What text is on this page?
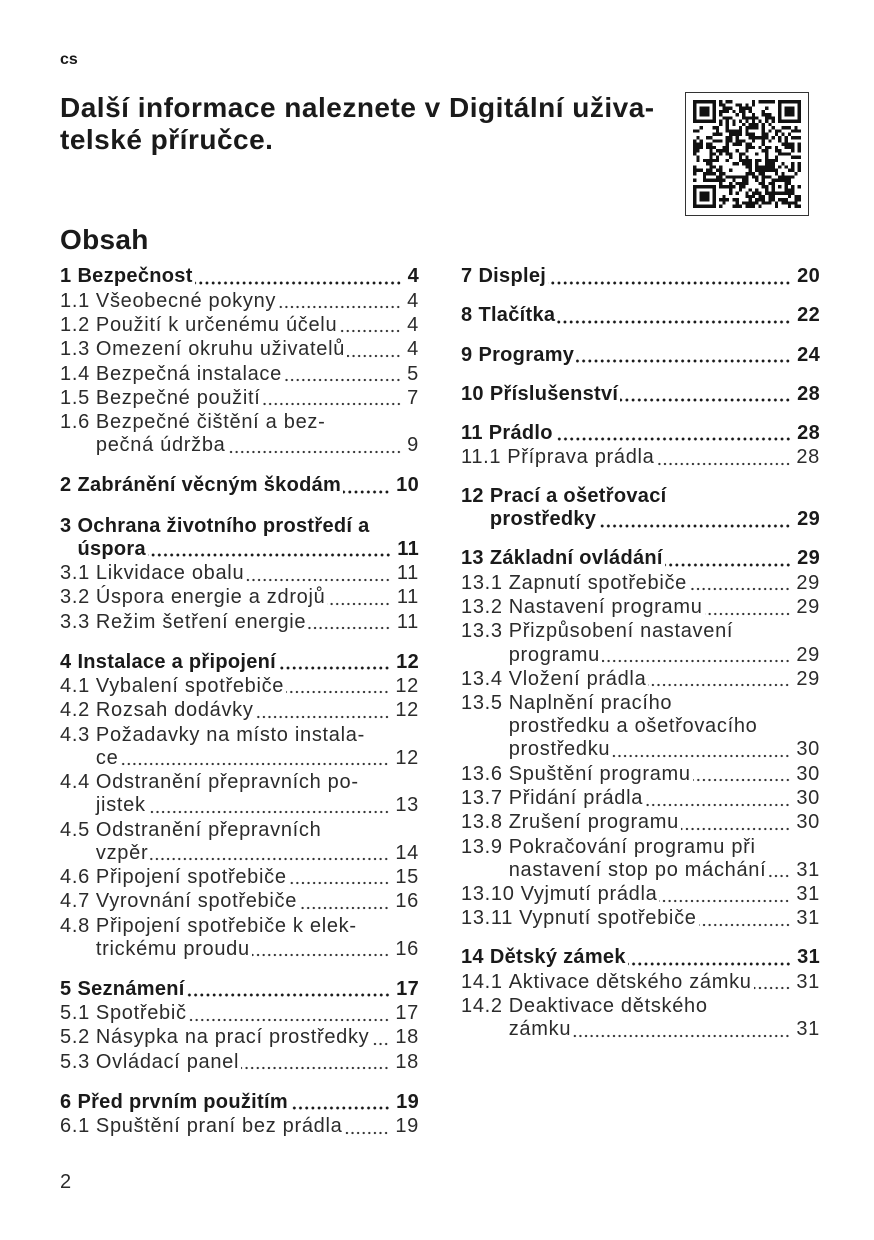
cs
Další informace naleznete v Digitální uživa-
telské příručce.
Obsah
1 Bezpečnost	4
1.1 Všeobecné pokyny	4
1.2 Použití k určenému účelu	4
1.3 Omezení okruhu uživatelů	4
1.4 Bezpečná instalace	5
1.5 Bezpečné použití	7
1.6 Bezpečné čištění a bez-
pečná údržba	9
2 Zabránění věcným škodám	10
3 Ochrana životního prostředí a
úspora	11
3.1 Likvidace obalu	11
3.2 Úspora energie a zdrojů	11
3.3 Režim šetření energie	11
4 Instalace a připojení	12
4.1 Vybalení spotřebiče	12
4.2 Rozsah dodávky	12
4.3 Požadavky na místo instala-
ce	12
4.4 Odstranění přepravních po-
jistek	13
4.5 Odstranění přepravních
vzpěr	14
4.6 Připojení spotřebiče	15
4.7 Vyrovnání spotřebiče	16
4.8 Připojení spotřebiče k elek-
trickému proudu	16
5 Seznámení	17
5.1 Spotřebič	17
5.2 Násypka na prací prostředky 18
5.3 Ovládací panel	18
6 Před prvním použitím	19
6.1 Spuštění praní bez prádla	19
7 Displej	20
8 Tlačítka	22
9 Programy	24
10 Příslušenství	28
11 Prádlo	28
11.1 Příprava prádla	28
12 Prací a ošetřovací
prostředky	29
13 Základní ovládání	29
13.1 Zapnutí spotřebiče	29
13.2 Nastavení programu	29
13.3 Přizpůsobení nastavení
programu	29
13.4 Vložení prádla	29
13.5 Naplnění pracího
prostředku a ošetřovacího
prostředku	30
13.6 Spuštění programu	30
13.7 Přidání prádla	30
13.8 Zrušení programu	30
13.9 Pokračování programu při
nastavení stop po máchání 31
13.10 Vyjmutí prádla	31
13.11 Vypnutí spotřebiče	31
14 Dětský zámek	31
14.1 Aktivace dětského zámku 31
14.2 Deaktivace dětského
zámku	31
2
